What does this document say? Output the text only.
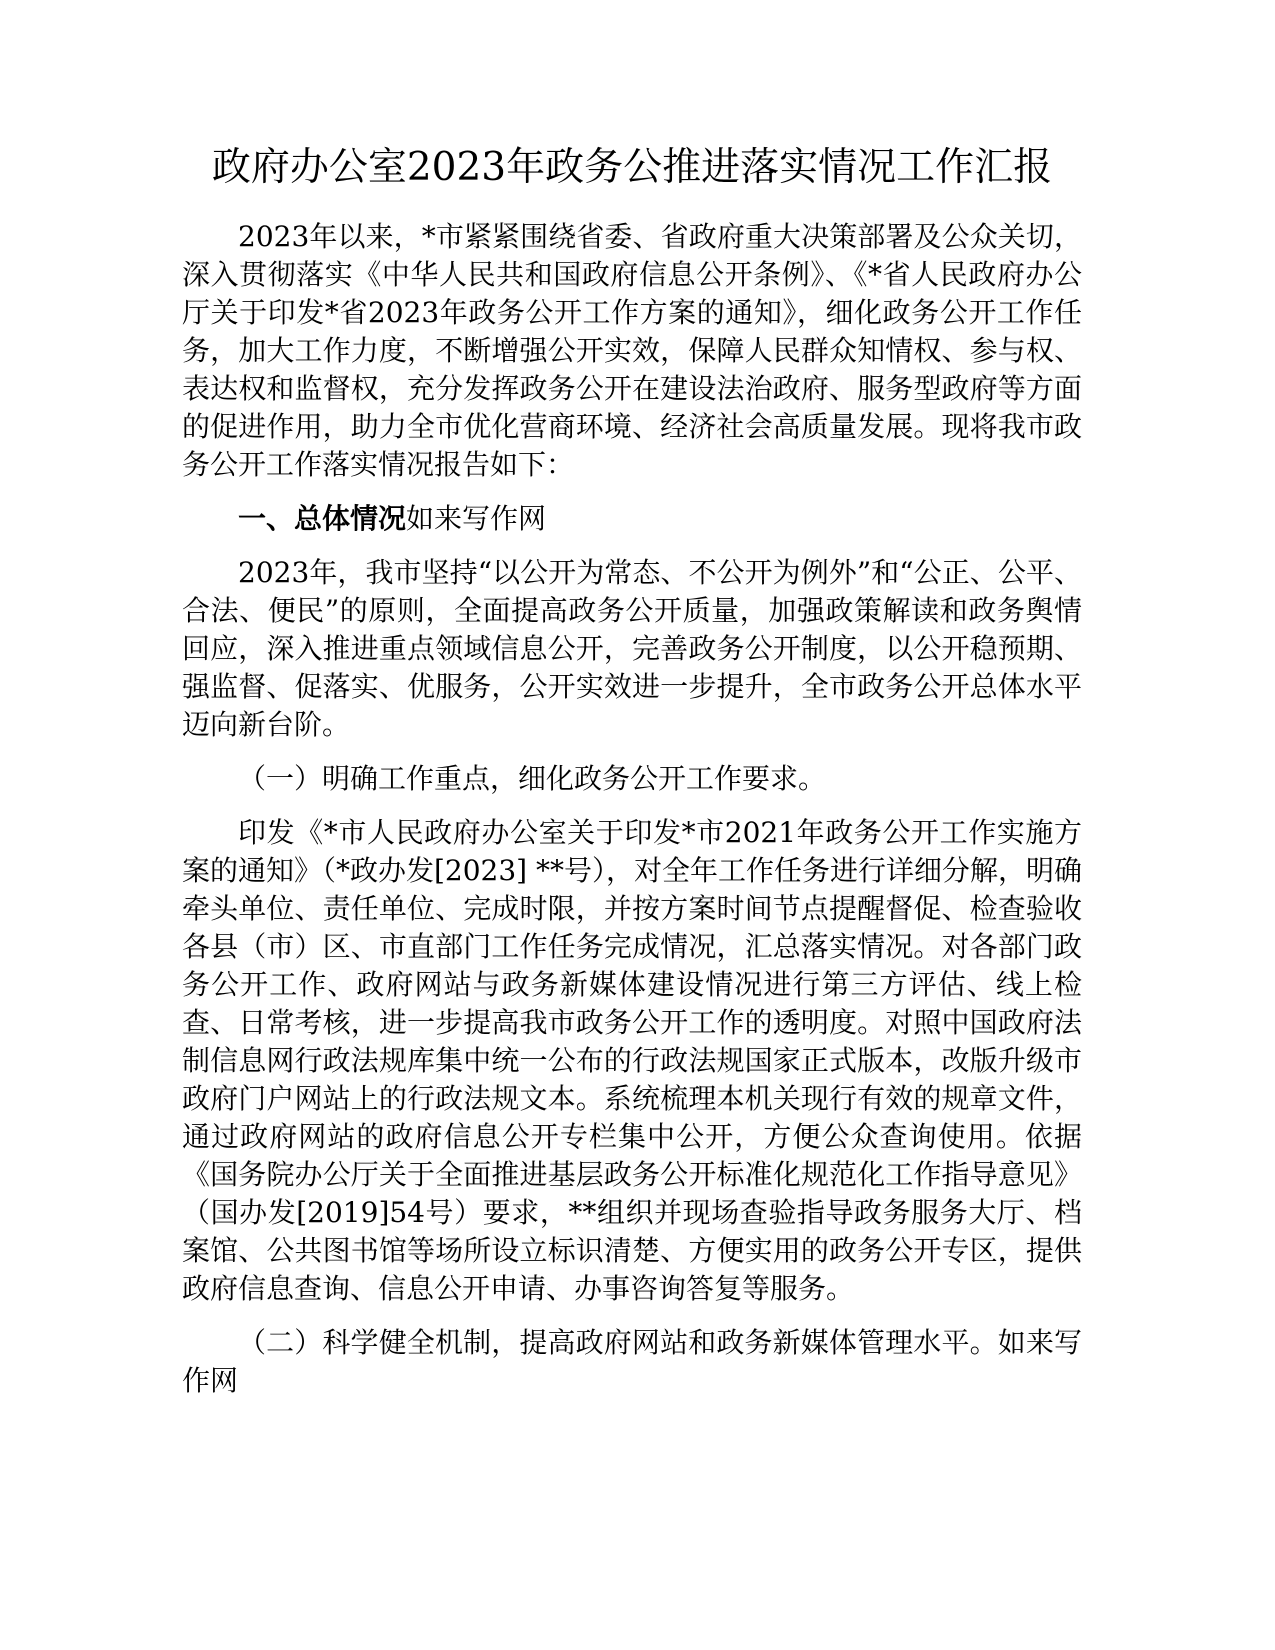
政府办公室2023年政务公推进落实情况工作汇报

2023年以来，*市紧紧围绕省委、省政府重大决策部署及公众关切，深入贯彻落实《中华人民共和国政府信息公开条例》、《*省人民政府办公厅关于印发*省2023年政务公开工作方案的通知》，细化政务公开工作任务，加大工作力度，不断增强公开实效，保障人民群众知情权、参与权、表达权和监督权，充分发挥政务公开在建设法治政府、服务型政府等方面的促进作用，助力全市优化营商环境、经济社会高质量发展。现将我市政务公开工作落实情况报告如下：

一、总体情况如来写作网

2023年，我市坚持“以公开为常态、不公开为例外”和“公正、公平、合法、便民”的原则，全面提高政务公开质量，加强政策解读和政务舆情回应，深入推进重点领域信息公开，完善政务公开制度，以公开稳预期、强监督、促落实、优服务，公开实效进一步提升，全市政务公开总体水平迈向新台阶。

（一）明确工作重点，细化政务公开工作要求。

印发《*市人民政府办公室关于印发*市2021年政务公开工作实施方案的通知》（*政办发[2023] **号），对全年工作任务进行详细分解，明确牵头单位、责任单位、完成时限，并按方案时间节点提醒督促、检查验收各县（市）区、市直部门工作任务完成情况，汇总落实情况。对各部门政务公开工作、政府网站与政务新媒体建设情况进行第三方评估、线上检查、日常考核，进一步提高我市政务公开工作的透明度。对照中国政府法制信息网行政法规库集中统一公布的行政法规国家正式版本，改版升级市政府门户网站上的行政法规文本。系统梳理本机关现行有效的规章文件，通过政府网站的政府信息公开专栏集中公开，方便公众查询使用。依据《国务院办公厅关于全面推进基层政务公开标准化规范化工作指导意见》（国办发[2019]54号）要求，**组织并现场查验指导政务服务大厅、档案馆、公共图书馆等场所设立标识清楚、方便实用的政务公开专区，提供政府信息查询、信息公开申请、办事咨询答复等服务。

（二）科学健全机制，提高政府网站和政务新媒体管理水平。如来写作网
